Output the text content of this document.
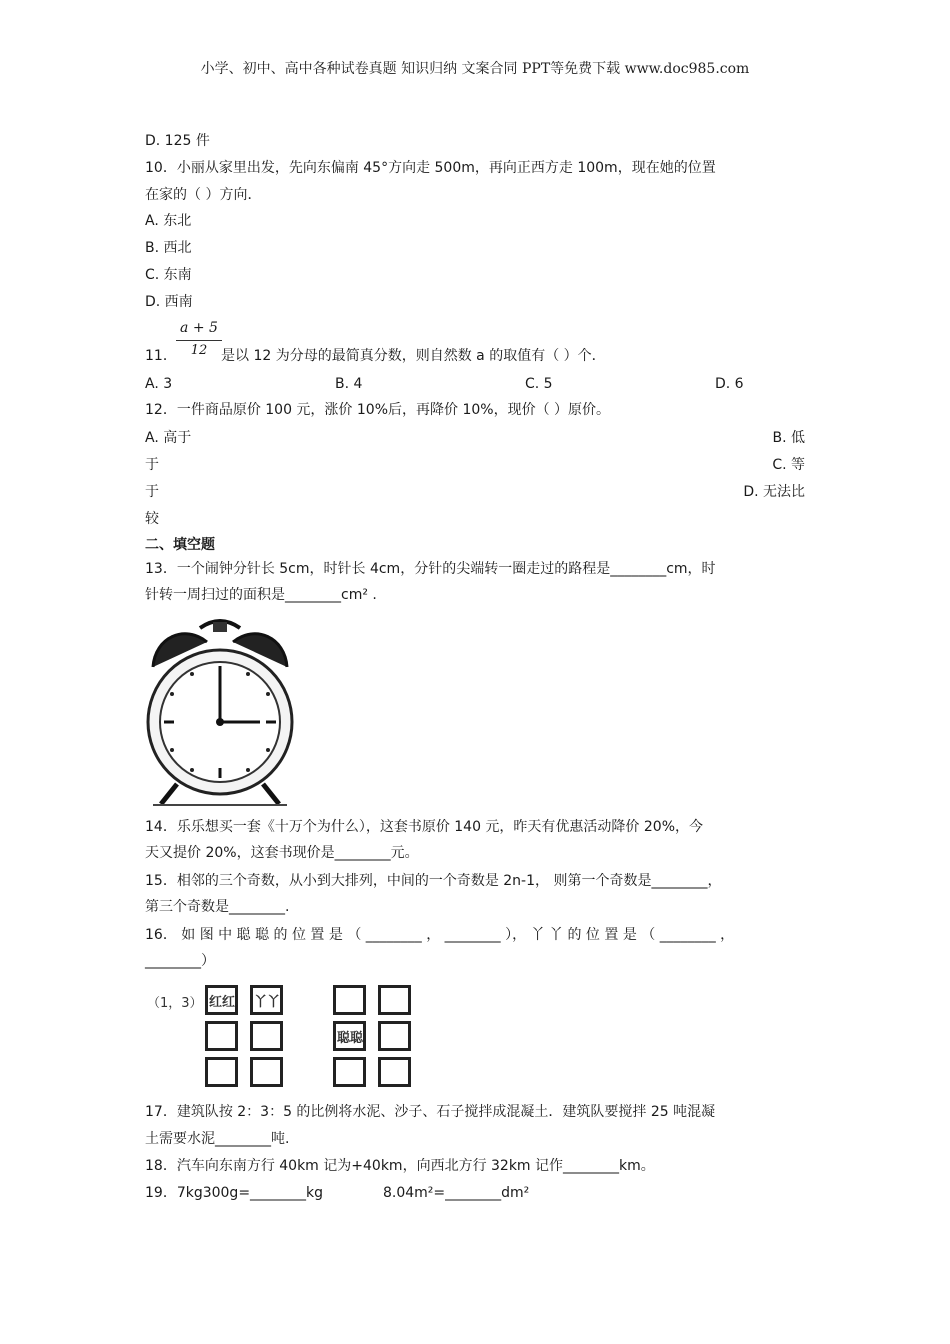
小学、初中、高中各种试卷真题 知识归纳 文案合同 PPT等免费下载 www.doc985.com
D. 125 件
10．小丽从家里出发，先向东偏南 45°方向走 500m，再向正西方走 100m，现在她的位置
在家的（ ）方向．
A. 东北
B. 西北
C. 东南
D. 西南
a + 5
12
11．	是以 12 为分母的最简真分数，则自然数 a 的取值有（ ）个．
A. 3	B. 4	C. 5	D. 6
12．一件商品原价 100 元，涨价 10%后，再降价 10%，现价（ ）原价。
A. 高于	B. 低
于	C. 等
于	D. 无法比
较
二、填空题
13．一个闹钟分针长 5cm，时针长 4cm，分针的尖端转一圈走过的路程是________cm，时
针转一周扫过的面积是________cm² .
14．乐乐想买一套《十万个为什么），这套书原价 140 元，昨天有优惠活动降价 20%，今
天又提价 20%，这套书现价是________元。
15．相邻的三个奇数，从小到大排列，中间的一个奇数是 2n-1， 则第一个奇数是________，
第三个奇数是________.
16． 如 图 中 聪 聪 的 位 置 是 （ ________ ， ________ ）， 丫 丫 的 位 置 是 （ ________ ，
________）
（1，3） 红红 丫丫
聪聪
17．建筑队按 2：3：5 的比例将水泥、沙子、石子搅拌成混凝土．建筑队要搅拌 25 吨混凝
土需要水泥________吨.
18．汽车向东南方行 40km 记为+40km，向西北方行 32km 记作________km。
19．7kg300g=________kg	8.04m²=________dm²
